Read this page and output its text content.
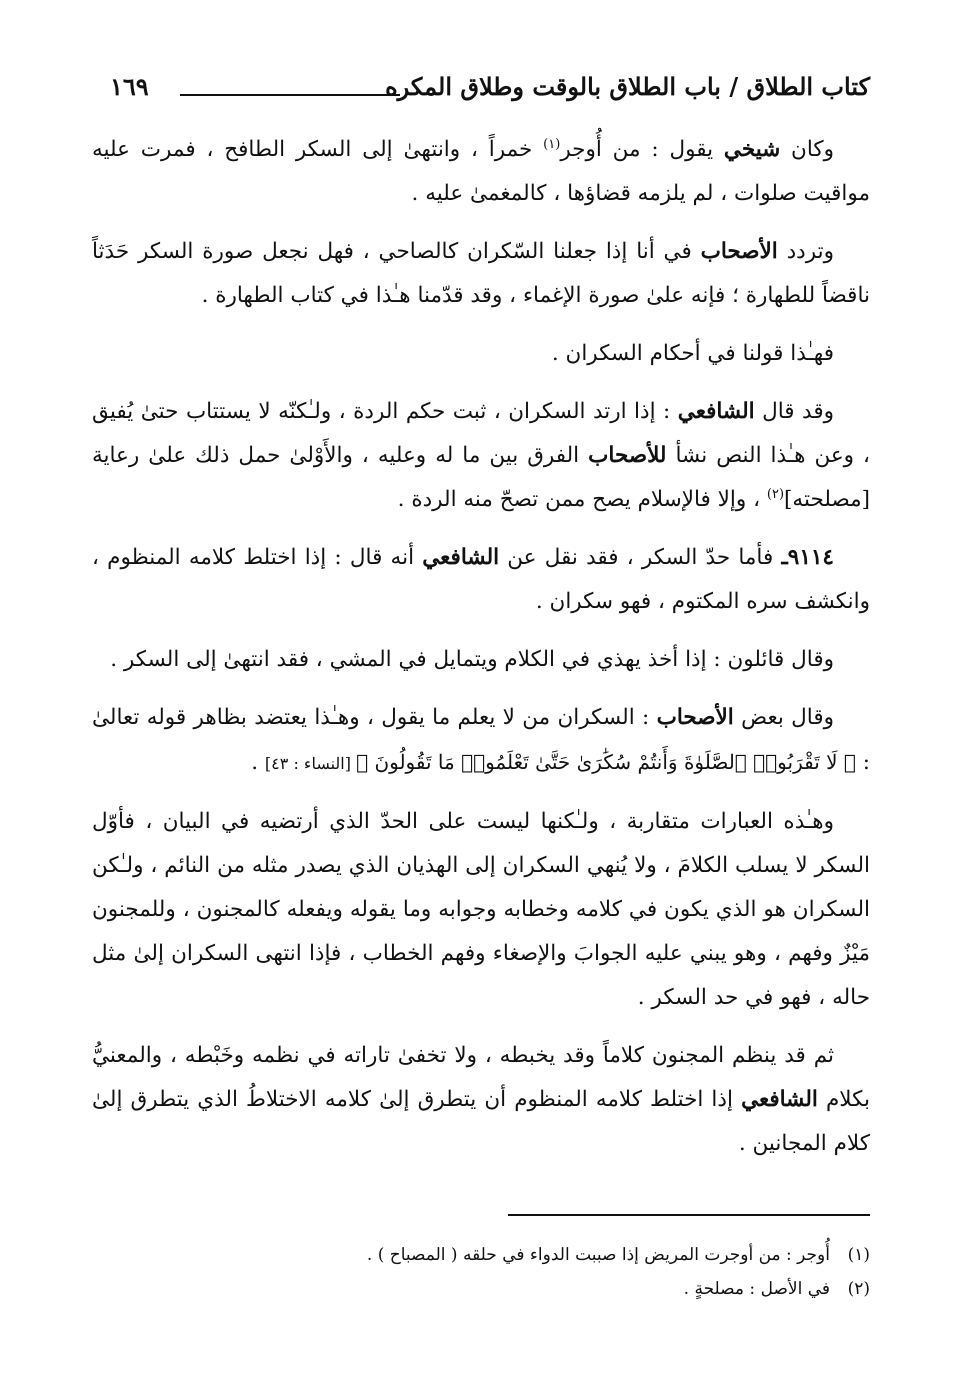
كتاب الطلاق / باب الطلاق بالوقت وطلاق المكره
١٦٩

وكان شيخي يقول : من أُوجر$^{(١)}$ خمراً ، وانتهىٰ إلى السكر الطافح ، فمرت عليه مواقيت صلوات ، لم يلزمه قضاؤها ، كالمغمىٰ عليه .

وتردد الأصحاب في أنا إذا جعلنا السّكران كالصاحي ، فهل نجعل صورة السكر حَدَثاً ناقضاً للطهارة ؛ فإنه علىٰ صورة الإغماء ، وقد قدّمنا هـٰذا في كتاب الطهارة .

فهـٰذا قولنا في أحكام السكران .

وقد قال الشافعي : إذا ارتد السكران ، ثبت حكم الردة ، ولـٰكنّه لا يستتاب حتىٰ يُفيق ، وعن هـٰذا النص نشأ للأصحاب الفرق بين ما له وعليه ، والأَوْلىٰ حمل ذلك علىٰ رعاية [مصلحته]$^{(٢)}$ ، وإلا فالإسلام يصح ممن تصحّ منه الردة .

٩١١٤ـ فأما حدّ السكر ، فقد نقل عن الشافعي أنه قال : إذا اختلط كلامه المنظوم ، وانكشف سره المكتوم ، فهو سكران .

وقال قائلون : إذا أخذ يهذي في الكلام ويتمايل في المشي ، فقد انتهىٰ إلى السكر .

وقال بعض الأصحاب : السكران من لا يعلم ما يقول ، وهـٰذا يعتضد بظاهر قوله تعالىٰ : ﴿ لَا تَقْرَبُوا۟ ٱلصَّلَوٰةَ وَأَنتُمْ سُكَٰرَىٰ حَتَّىٰ تَعْلَمُوا۟ مَا تَقُولُونَ ﴾ [النساء : ٤٣] .

وهـٰذه العبارات متقاربة ، ولـٰكنها ليست على الحدّ الذي أرتضيه في البيان ، فأوّل السكر لا يسلب الكلامَ ، ولا يُنهي السكران إلى الهذيان الذي يصدر مثله من النائم ، ولـٰكن السكران هو الذي يكون في كلامه وخطابه وجوابه وما يقوله ويفعله كالمجنون ، وللمجنون مَيْزٌ وفهم ، وهو يبني عليه الجوابَ والإصغاء وفهم الخطاب ، فإذا انتهى السكران إلىٰ مثل حاله ، فهو في حد السكر .

ثم قد ينظم المجنون كلاماً وقد يخبطه ، ولا تخفىٰ تاراته في نظمه وخَبْطه ، والمعنيُّ بكلام الشافعي إذا اختلط كلامه المنظوم أن يتطرق إلىٰ كلامه الاختلاطُ الذي يتطرق إلىٰ كلام المجانين .

(١)أُوجر : من أوجرت المريض إذا صببت الدواء في حلقه ( المصباح ) .

(٢)في الأصل : مصلحةٍ .
